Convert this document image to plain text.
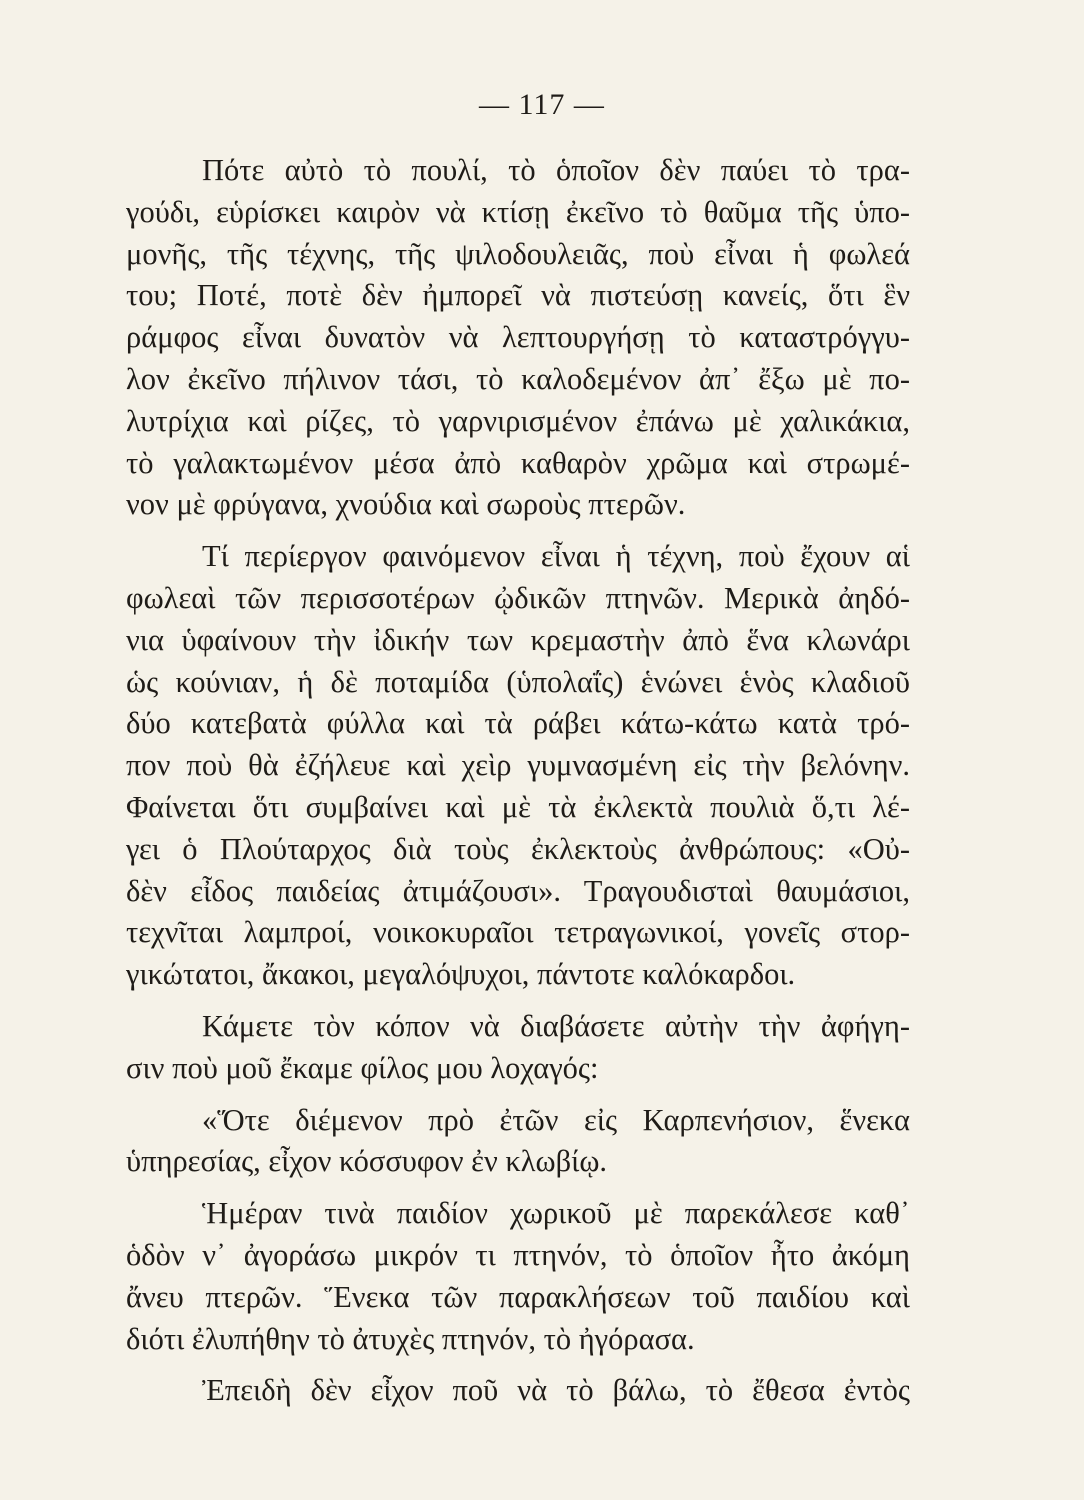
— 117 —
Πότε αὐτὸ τὸ πουλί, τὸ ὁποῖον δὲν παύει τὸ τρα-
γούδι, εὑρίσκει καιρὸν νὰ κτίσῃ ἐκεῖνο τὸ θαῦμα τῆς ὑπο-
μονῆς, τῆς τέχνης, τῆς ψιλοδουλειᾶς, ποὺ εἶναι ἡ φωλεά
του; Ποτέ, ποτὲ δὲν ἠμπορεῖ νὰ πιστεύσῃ κανείς, ὅτι ἓν
ράμφος εἶναι δυνατὸν νὰ λεπτουργήσῃ τὸ καταστρόγγυ-
λον ἐκεῖνο πήλινον τάσι, τὸ καλοδεμένον ἀπ᾽ ἔξω μὲ πο-
λυτρίχια καὶ ρίζες, τὸ γαρνιρισμένον ἐπάνω μὲ χαλικάκια,
τὸ γαλακτωμένον μέσα ἀπὸ καθαρὸν χρῶμα καὶ στρωμέ-
νον μὲ φρύγανα, χνούδια καὶ σωροὺς πτερῶν.
Τί περίεργον φαινόμενον εἶναι ἡ τέχνη, ποὺ ἔχουν αἱ
φωλεαὶ τῶν περισσοτέρων ᾠδικῶν πτηνῶν. Μερικὰ ἀηδό-
νια ὑφαίνουν τὴν ἰδικήν των κρεμαστὴν ἀπὸ ἕνα κλωνάρι
ὡς κούνιαν, ἡ δὲ ποταμίδα (ὑπολαΐς) ἑνώνει ἑνὸς κλαδιοῦ
δύο κατεβατὰ φύλλα καὶ τὰ ράβει κάτω-κάτω κατὰ τρό-
πον ποὺ θὰ ἐζήλευε καὶ χεὶρ γυμνασμένη εἰς τὴν βελόνην.
Φαίνεται ὅτι συμβαίνει καὶ μὲ τὰ ἐκλεκτὰ πουλιὰ ὅ,τι λέ-
γει ὁ Πλούταρχος διὰ τοὺς ἐκλεκτοὺς ἀνθρώπους: «Οὐ-
δὲν εἶδος παιδείας ἀτιμάζουσι». Τραγουδισταὶ θαυμάσιοι,
τεχνῖται λαμπροί, νοικοκυραῖοι τετραγωνικοί, γονεῖς στορ-
γικώτατοι, ἄκακοι, μεγαλόψυχοι, πάντοτε καλόκαρδοι.
Κάμετε τὸν κόπον νὰ διαβάσετε αὐτὴν τὴν ἀφήγη-
σιν ποὺ μοῦ ἔκαμε φίλος μου λοχαγός:
«Ὅτε διέμενον πρὸ ἐτῶν εἰς Καρπενήσιον, ἕνεκα
ὑπηρεσίας, εἶχον κόσσυφον ἐν κλωβίῳ.
Ἡμέραν τινὰ παιδίον χωρικοῦ μὲ παρεκάλεσε καθ᾽
ὁδὸν ν᾽ ἀγοράσω μικρόν τι πτηνόν, τὸ ὁποῖον ἦτο ἀκόμη
ἄνευ πτερῶν. Ἕνεκα τῶν παρακλήσεων τοῦ παιδίου καὶ
διότι ἐλυπήθην τὸ ἀτυχὲς πτηνόν, τὸ ἠγόρασα.
Ἐπειδὴ δὲν εἶχον ποῦ νὰ τὸ βάλω, τὸ ἔθεσα ἐντὸς
